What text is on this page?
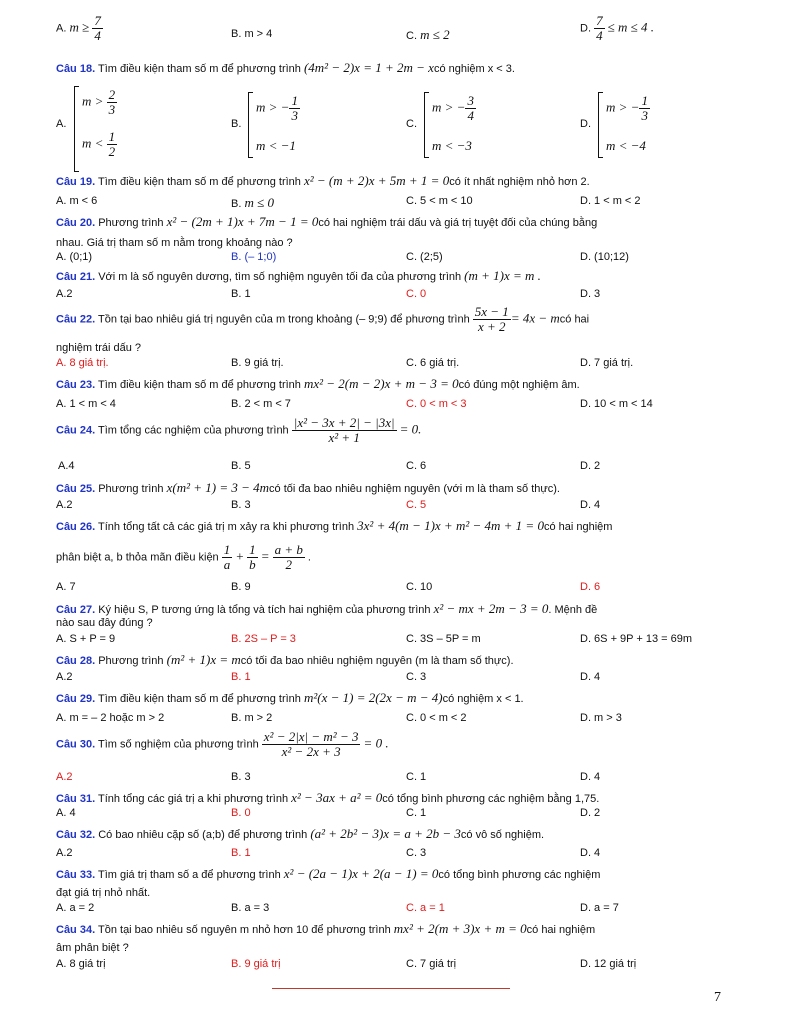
A. $m \ge \frac{7}{4}$	B. m > 4	C. m ≤ 2	D. $\frac{7}{4} \le m \le 4$ .
Câu 18. Tìm điều kiện tham số m để phương trình (4m² − 2)x = 1 + 2m − xcó nghiệm x < 3.
A.
$m > \frac{2}{3}$
$m < \frac{1}{2}$
B.
m > − $\frac{1}{3}$
m < −1
C.
m > − $\frac{3}{4}$
m < −3
D.
m > − $\frac{1}{3}$
m < −4
Câu 19. Tìm điều kiện tham số m để phương trình x² − (m + 2)x + 5m + 1 = 0có ít nhất nghiệm nhỏ hơn 2.
A. m < 6	B. m ≤ 0	C. 5 < m < 10	D. 1 < m < 2
Câu 20. Phương trình x² − (2m + 1)x + 7m − 1 = 0có hai nghiệm trái dấu và giá trị tuyệt đối của chúng bằng
nhau. Giá trị tham số m nằm trong khoảng nào ?
A. (0;1)	B. (– 1;0)	C. (2;5)	D. (10;12)
Câu 21. Với m là số nguyên dương, tìm số nghiệm nguyên tối đa của phương trình (m + 1)x = m .
A.2	B. 1	C. 0	D. 3
Câu 22. Tồn tại bao nhiêu giá trị nguyên của m trong khoảng (– 9;9) để phương trình $\frac{5x - 1}{x + 2} = 4x$ − mcó hai
nghiệm trái dấu ?
A. 8 giá trị.	B. 9 giá trị.	C. 6 giá trị.	D. 7 giá trị.
Câu 23. Tìm điều kiện tham số m để phương trình mx² − 2(m − 2)x + m − 3 = 0có đúng một nghiệm âm.
A. 1 < m < 4	B. 2 < m < 7	C. 0 < m < 3	D. 10 < m < 14
Câu 24. Tìm tổng các nghiệm của phương trình $\frac{\text{|x² − 3x + 2| − |3x|}}{\text{x² + 1}} = 0$.
A.4	B. 5	C. 6	D. 2
Câu 25. Phương trình x(m² + 1) = 3 − 4mcó tối đa bao nhiêu nghiệm nguyên (với m là tham số thực).
A.2	B. 3	C. 5	D. 4
Câu 26. Tính tổng tất cả các giá trị m xảy ra khi phương trình 3x² + 4(m − 1)x + m² − 4m + 1 = 0có hai nghiệm
phân biệt a, b thỏa mãn điều kiện $\frac{1}{a} + \frac{1}{b} = \frac{a + b}{2}$ .
A. 7	B. 9	C. 10	D. 6
Câu 27. Ký hiệu S, P tương ứng là tổng và tích hai nghiệm của phương trình x² − mx + 2m − 3 = 0. Mệnh đề
nào sau đây đúng ?
A. S + P = 9	B. 2S – P = 3	C. 3S – 5P = m	D. 6S + 9P + 13 = 69m
Câu 28. Phương trình (m² + 1)x = mcó tối đa bao nhiêu nghiệm nguyên (m là tham số thực).
A.2	B. 1	C. 3	D. 4
Câu 29. Tìm điều kiện tham số m để phương trình m²(x − 1) = 2(2x − m − 4)có nghiệm x < 1.
A. m = – 2 hoặc m > 2	B. m > 2	C. 0 < m < 2	D. m > 3
Câu 30. Tìm số nghiệm của phương trình $\frac{\text{x² − 2|x| − m² − 3}}{\text{x² − 2x + 3}} = 0$ .
A.2	B. 3	C. 1	D. 4
Câu 31. Tính tổng các giá trị a khi phương trình x² − 3ax + a² = 0có tổng bình phương các nghiệm bằng 1,75.
A. 4	B. 0	C. 1	D. 2
Câu 32. Có bao nhiêu cặp số (a;b) để phương trình (a² + 2b² − 3)x = a + 2b − 3có vô số nghiệm.
A.2	B. 1	C. 3	D. 4
Câu 33. Tìm giá trị tham số a để phương trình x² − (2a − 1)x + 2(a − 1) = 0có tổng bình phương các nghiệm
đạt giá trị nhỏ nhất.
A. a = 2	B. a = 3	C. a = 1	D. a = 7
Câu 34. Tồn tại bao nhiêu số nguyên m nhỏ hơn 10 để phương trình mx² + 2(m + 3)x + m = 0có hai nghiệm
âm phân biệt ?
A. 8 giá trị	B. 9 giá trị	C. 7 giá trị	D. 12 giá trị
7
